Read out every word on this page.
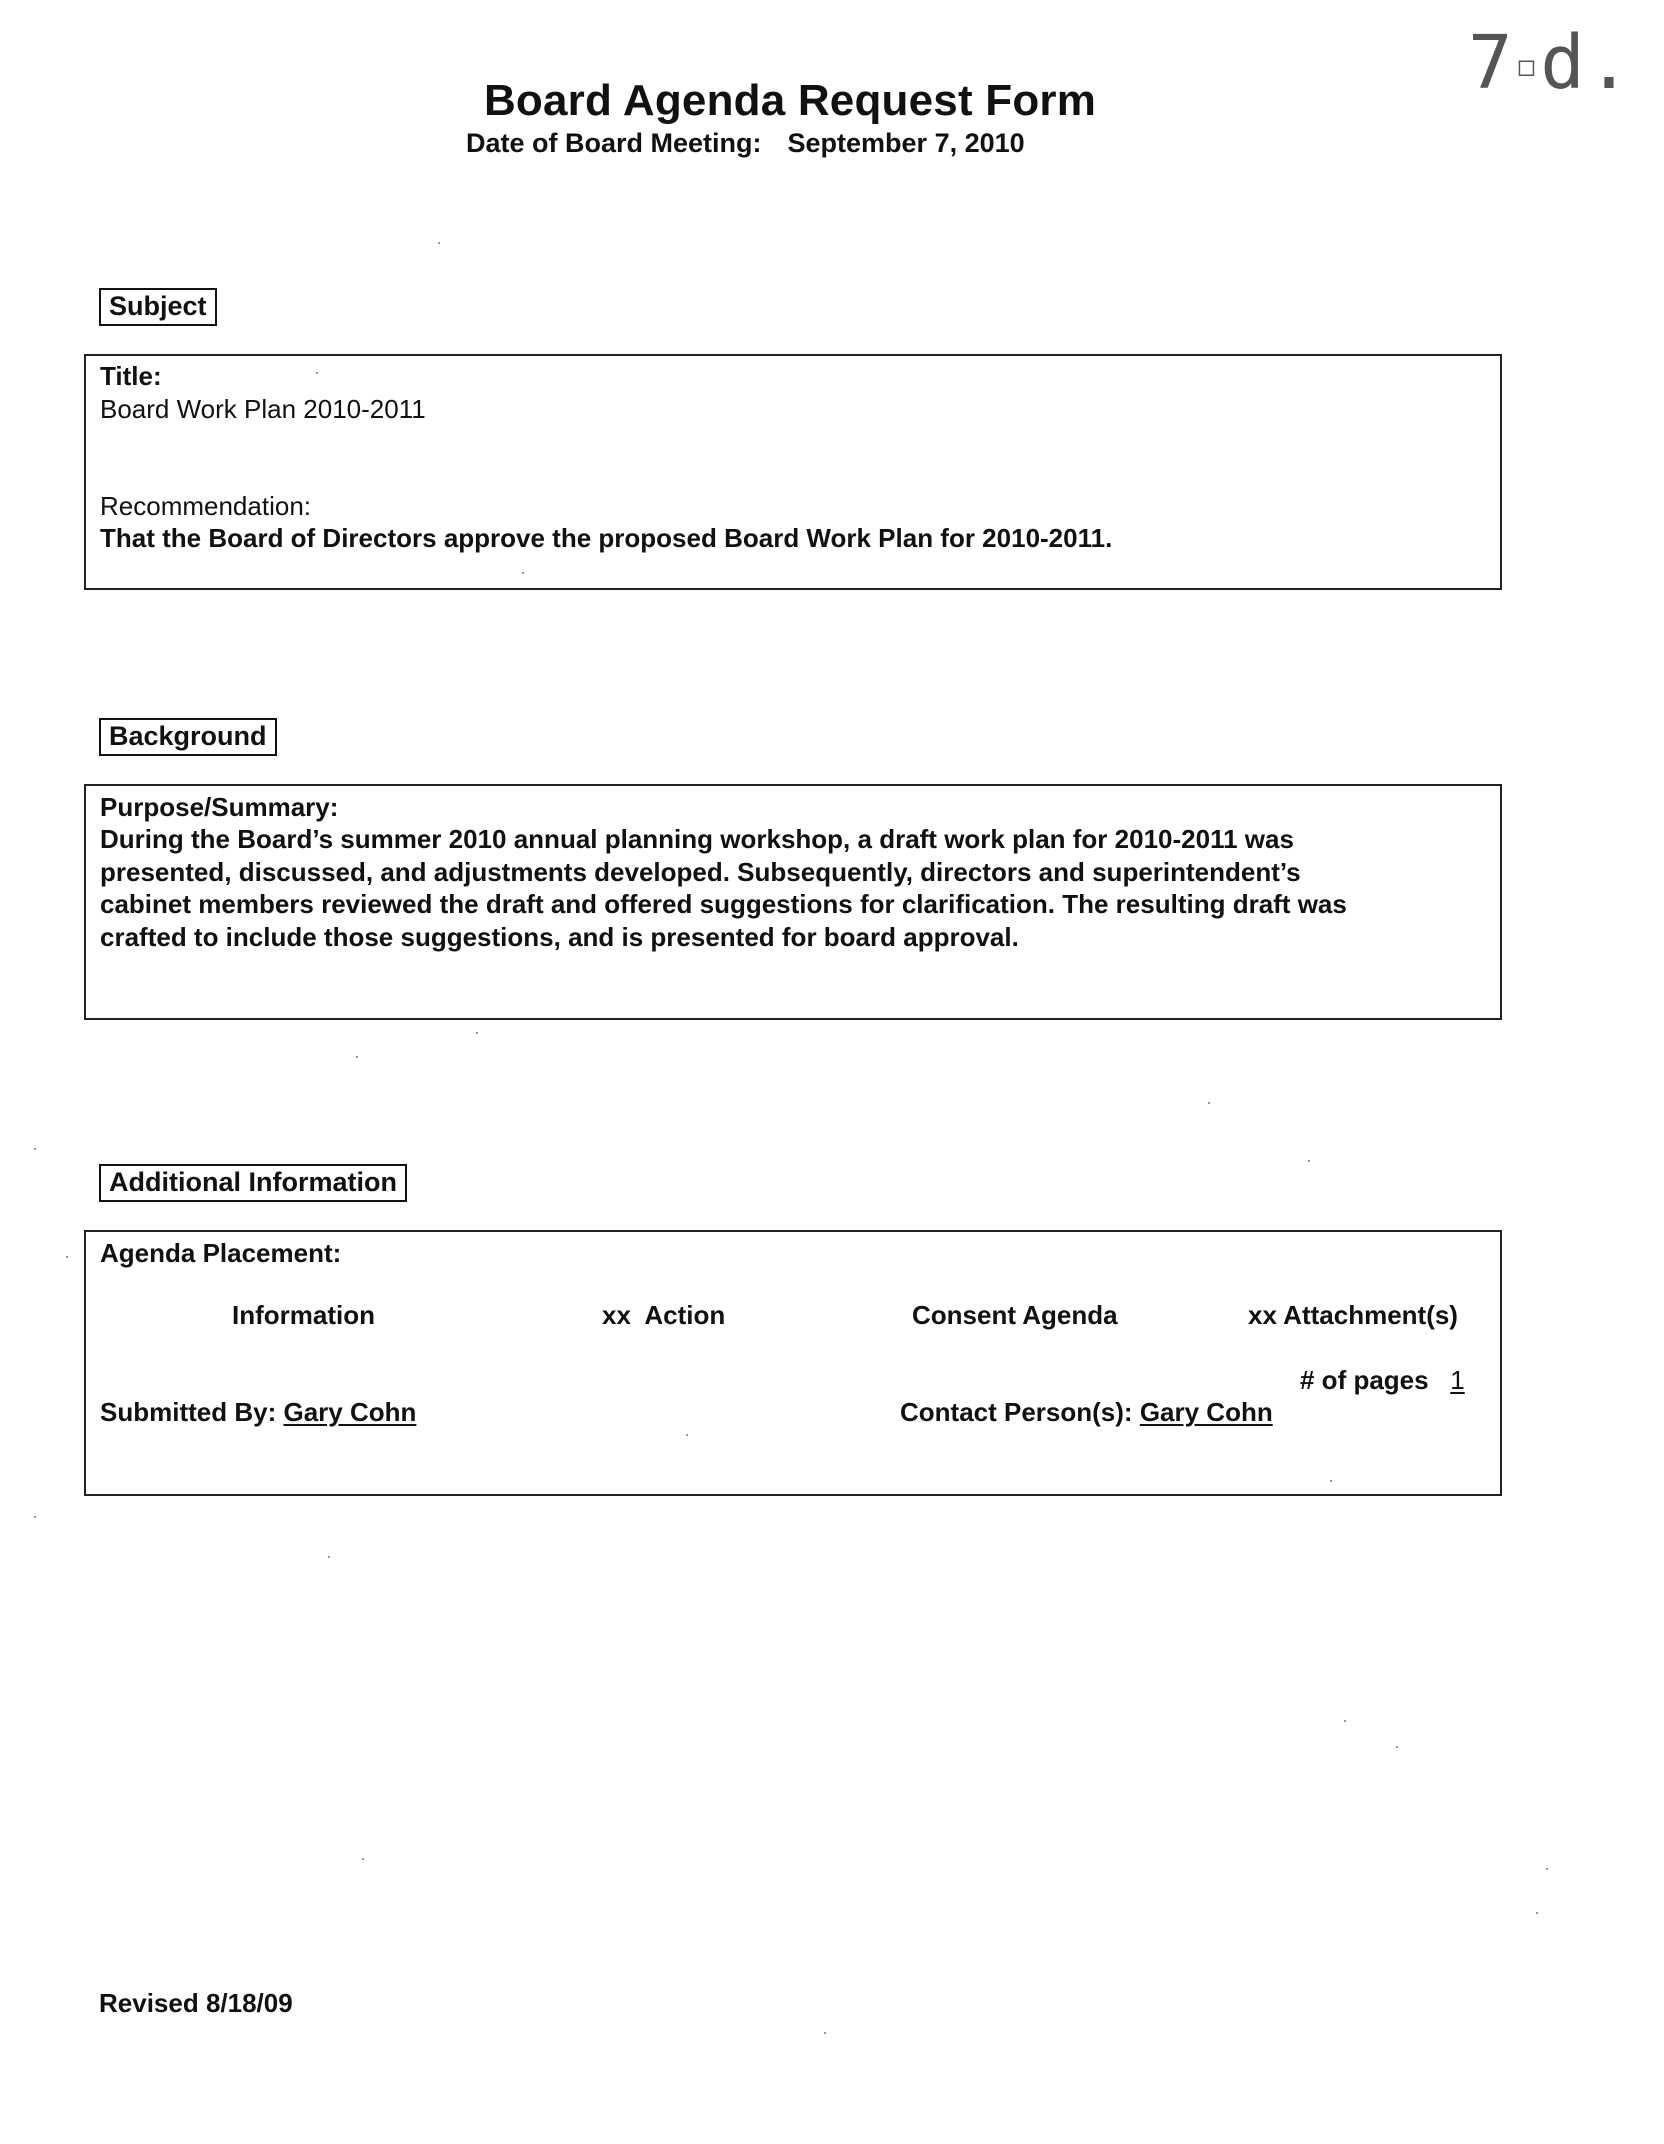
Board Agenda Request Form
Date of Board Meeting: September 7, 2010
7 □d.
Subject
Title:
Board Work Plan 2010-2011
Recommendation:
That the Board of Directors approve the proposed Board Work Plan for 2010-2011.
Background
Purpose/Summary:
During the Board’s summer 2010 annual planning workshop, a draft work plan for 2010-2011 was
presented, discussed, and adjustments developed. Subsequently, directors and superintendent’s
cabinet members reviewed the draft and offered suggestions for clarification. The resulting draft was
crafted to include those suggestions, and is presented for board approval.
Additional Information
Agenda Placement:
Information	xx  Action	Consent Agenda	xx Attachment(s)
# of pages 1
Submitted By: Gary Cohn	Contact Person(s): Gary Cohn
Revised 8/18/09
